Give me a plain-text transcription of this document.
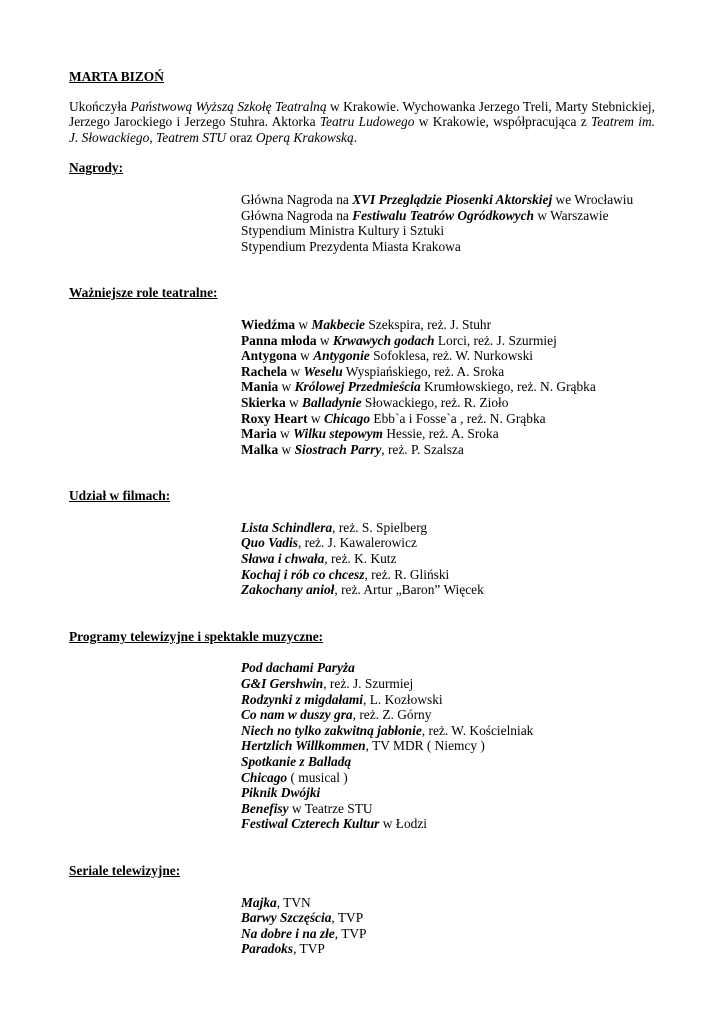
MARTA BIZOŃ

Ukończyła Państwową Wyższą Szkołę Teatralną w Krakowie. Wychowanka Jerzego Treli, Marty Stebnickiej, Jerzego Jarockiego i Jerzego Stuhra. Aktorka Teatru Ludowego w Krakowie, współpracująca z Teatrem im. J. Słowackiego, Teatrem STU oraz Operą Krakowską.

Nagrody:

Główna Nagroda na XVI Przeglądzie Piosenki Aktorskiej we Wrocławiu
Główna Nagroda na Festiwalu Teatrów Ogródkowych w Warszawie
Stypendium Ministra Kultury i Sztuki
Stypendium Prezydenta Miasta Krakowa

Ważniejsze role teatralne:

Wiedźma w Makbecie Szekspira, reż. J. Stuhr
Panna młoda w Krwawych godach Lorci, reż. J. Szurmiej
Antygona w Antygonie Sofoklesa, reż. W. Nurkowski
Rachela w Weselu Wyspiańskiego, reż. A. Sroka
Mania w Królowej Przedmieścia Krumłowskiego, reż. N. Grąbka
Skierka w Balladynie Słowackiego, reż. R. Zioło
Roxy Heart w Chicago Ebb`a i Fosse`a , reż. N. Grąbka
Maria w Wilku stepowym Hessie, reż. A. Sroka
Malka w Siostrach Parry, reż. P. Szalsza

Udział w filmach:

Lista Schindlera, reż. S. Spielberg
Quo Vadis, reż. J. Kawalerowicz
Sława i chwała, reż. K. Kutz
Kochaj i rób co chcesz, reż. R. Gliński
Zakochany anioł, reż. Artur „Baron” Więcek

Programy telewizyjne i spektakle muzyczne:

Pod dachami Paryża
G&I Gershwin, reż. J. Szurmiej
Rodzynki z migdałami, L. Kozłowski
Co nam w duszy gra, reż. Z. Górny
Niech no tylko zakwitną jabłonie, reż. W. Kościelniak
Hertzlich Willkommen, TV MDR ( Niemcy )
Spotkanie z Balladą
Chicago ( musical )
Piknik Dwójki
Benefisy w Teatrze STU
Festiwal Czterech Kultur w Łodzi

Seriale telewizyjne:

Majka, TVN
Barwy Szczęścia, TVP
Na dobre i na złe, TVP
Paradoks, TVP
